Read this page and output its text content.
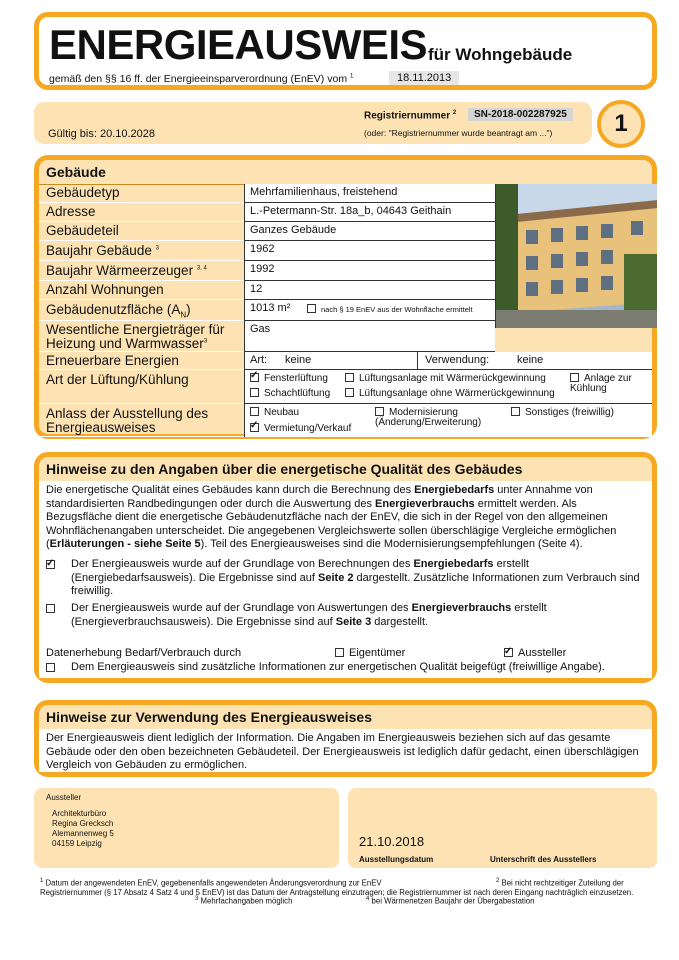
ENERGIEAUSWEIS für Wohngebäude
gemäß den §§ 16 ff. der Energieeinsparverordnung (EnEV) vom $^1$	18.11.2013
Gültig bis: 20.10.2028
Registriernummer $^2$	SN-2018-002287925
(oder: "Registriernummer wurde beantragt am ...")	1
Gebäude
Gebäudetyp	Mehrfamilienhaus, freistehend
Adresse	L.-Petermann-Str. 18a_b, 04643 Geithain
Gebäudeteil	Ganzes Gebäude
Baujahr Gebäude $^3$	1962
Baujahr Wärmeerzeuger $^{3, 4}$	1992
Anzahl Wohnungen	12
Gebäudenutzfläche $(A_N)$	1013 m²	nach § 19 EnEV aus der Wohnfläche ermittelt
Wesentliche Energieträger für
Heizung und Warmwasser$^3$
Gas
Erneuerbare Energien	Art: keine	Verwendung:	keine
Art der Lüftung/Kühlung ✓	Fensterlüftung	Lüftungsanlage mit Wärmerückgewinnung	Anlage zur Kühlung
Schachtlüftung	Lüftungsanlage ohne Wärmerückgewinnung
Anlass der Ausstellung des
Energieausweises
Neubau	Modernisierung (Änderung/Erweiterung)
Sonstiges (freiwillig)
✓Vermietung/Verkauf
Hinweise zu den Angaben über die energetische Qualität des Gebäudes
Die energetische Qualität eines Gebäudes kann durch die Berechnung des Energiebedarfs unter Annahme von standardisierten Randbedingungen oder durch die Auswertung des Energieverbrauchs ermittelt werden. Als Bezugsfläche dient die energetische Gebäudenutzfläche nach der EnEV, die sich in der Regel von den allgemeinen Wohnflächenangaben unterscheidet. Die angegebenen Vergleichswerte sollen überschlägige Vergleiche ermöglichen (Erläuterungen - siehe Seite 5). Teil des Energieausweises sind die Modernisierungsempfehlungen (Seite 4).
✓
Der Energieausweis wurde auf der Grundlage von Berechnungen des Energiebedarfs erstellt (Energiebedarfsausweis). Die Ergebnisse sind auf Seite 2 dargestellt. Zusätzliche Informationen zum Verbrauch sind freiwillig.
Der Energieausweis wurde auf der Grundlage von Auswertungen des Energieverbrauchs erstellt (Energieverbrauchsausweis). Die Ergebnisse sind auf Seite 3 dargestellt.
Datenerhebung Bedarf/Verbrauch durch	Eigentümer ✓	Aussteller
Dem Energieausweis sind zusätzliche Informationen zur energetischen Qualität beigefügt (freiwillige Angabe).
Hinweise zur Verwendung des Energieausweises
Der Energieausweis dient lediglich der Information. Die Angaben im Energieausweis beziehen sich auf das gesamte Gebäude oder den oben bezeichneten Gebäudeteil. Der Energieausweis ist lediglich dafür gedacht, einen überschlägigen Vergleich von Gebäuden zu ermöglichen.
Aussteller
Architekturbüro
Regina Grecksch
Alemannenweg 5
04159 Leipzig	21.10.2018
Ausstellungsdatum	Unterschrift des Ausstellers
$^1$ Datum der angewendeten EnEV, gegebenenfalls angewendeten Änderungsverordnung zur EnEV	$^2$ Bei nicht rechtzeitiger Zuteilung der Registriernummer (§ 17 Absatz 4 Satz 4 und 5 EnEV) ist das Datum der Antragstellung einzutragen; die Registriernummer ist nach deren Eingang nachträglich einzusetzen.
$^3$ Mehrfachangaben möglich	$^4$ bei Wärmenetzen Baujahr der Übergabestation
